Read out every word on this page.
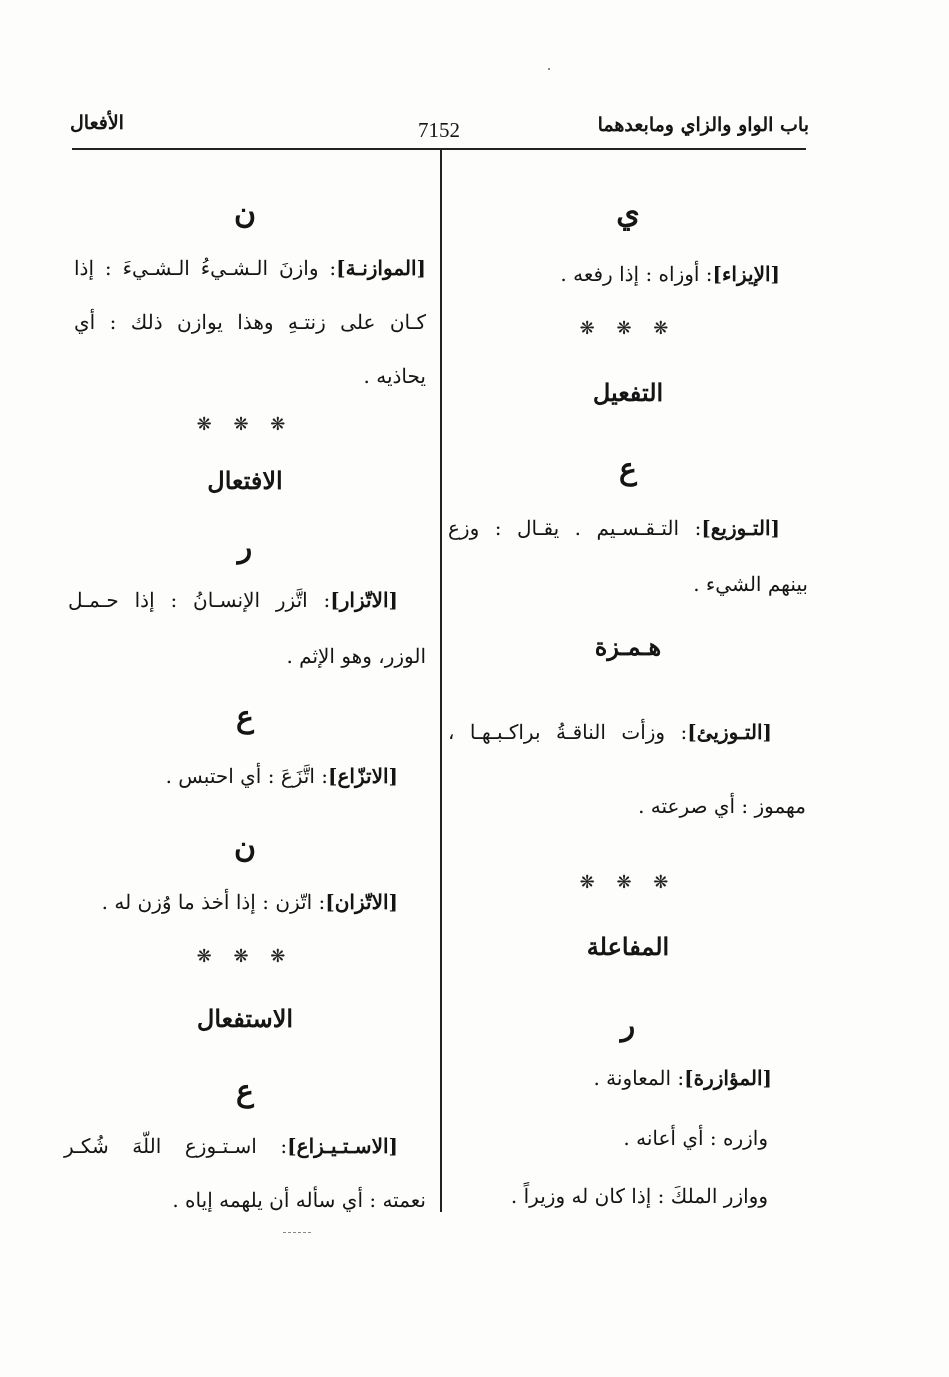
باب الواو والزاي ومابعدهما
7152
الأفعال
ي
[الإيزاء]: أوزاه : إذا رفعه .
❋ ❋ ❋
التفعيل
ع
[التـوزيع]: التـقـسـيم . يقـال : وزع
بينهم الشيء .
هـمـزة
[التـوزيئ]: وزأت الناقـةُ براكـبـهـا ،
مهموز : أي صرعته .
❋ ❋ ❋
المفاعلة
ر
[المؤازرة]: المعاونة .
وازره : أي أعانه .
ووازر الملكَ : إذا كان له وزيراً .
ن
[الموازنـة]: وازنَ الـشـيءُ الـشـيءَ : إذا
كـان على زنتـهِ وهذا يوازن ذلك : أي
يحاذيه .
❋ ❋ ❋
الافتعال
ر
[الاتّزار]: اتَّزر الإنسـانُ : إذا حـمـل
الوزر، وهو الإثم .
ع
[الاتزّاع]: اتَّزَعَ : أي احتبس .
ن
[الاتّزان]: اتّزن : إذا أخذ ما وُزن له .
❋ ❋ ❋
الاستفعال
ع
[الاسـتـيـزاع]: اسـتـوزع اللّهَ شُكـر
نعمته : أي سأله أن يلهمه إياه .
